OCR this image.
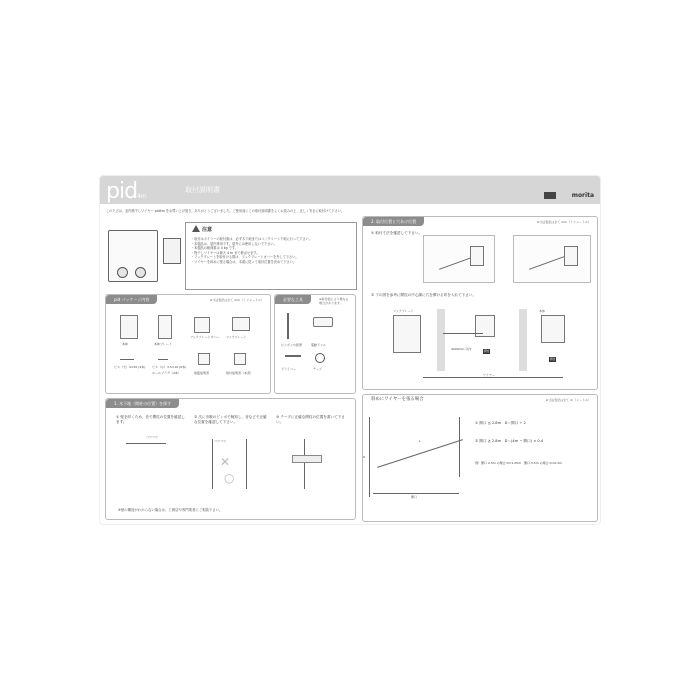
pid4m
取付説明書
morita
このたびは、室内物干しワイヤー pid4m をお買い上げ頂き、ありがとうございました。ご使用前にこの取付説明書をよくお読みの上、正しく安全に取付けて下さい。
注意
・取付はボイラーの取付面は、必ず木下地またはコンクリート下地に行って下さい。
・本製品は、屋内専用です。屋外には使用しないで下さい。
・本製品の耐荷重は 4 kg です。
・物干しワイヤーは最大 4 m まで伸ばせます。
・フックプレートを取付ける際は、フックプレートカバーを外して下さい。
・ワイヤーを斜めに張る場合は、本書に従って取付位置を決めて下さい。
pid パッケージ内容	※寸法表記は全て mm（ミリメートル）
本体	本体プレート
フックプレートカバー フックプレート
ビス（大）4×50 (4本) ビス（小）3.5×16 (6本)
ホールプラグ（4本）	取扱説明書	取付説明書（本書）
必要な工具	※取付面により異なる場合があります。
ピンポンや鉛筆	電動ドリル
ドライバー	テープ
1. 木下地（間柱の位置）を探す
① 壁を叩くため、音で間柱の位置を確認します。
② 次に市販のピンポで検知し、音などで正確な位置を確認して下さい。
③ テープに正確な間柱の位置を書いて下さい。
コツコツ
コツコツ
✕
○
※壁の構造がわからない場合は、工務店や専門業者にご相談下さい。
2. 取付位置と穴あけ位置	※寸法表記は全て mm（ミリメートル）
① 取付寸法を確認して下さい。
② 下の図を参考に間柱の中心線に穴を開ける印を入れて下さい。
フックプレート
間柱
4000mm 以内
本体
間柱
ワイヤー
斜めにワイヤーを張る場合	※寸法表記は全て m（メートル）
開口
D
L
① 開口 ≦ 2.8m　D＝開口 ÷ 2
② 開口 ≧ 2.8m　D＝(4m − 開口) × 0.4
例）開口 2.5m の場合 D=1.25m　開口 3.5m の場合 D=0.2m
